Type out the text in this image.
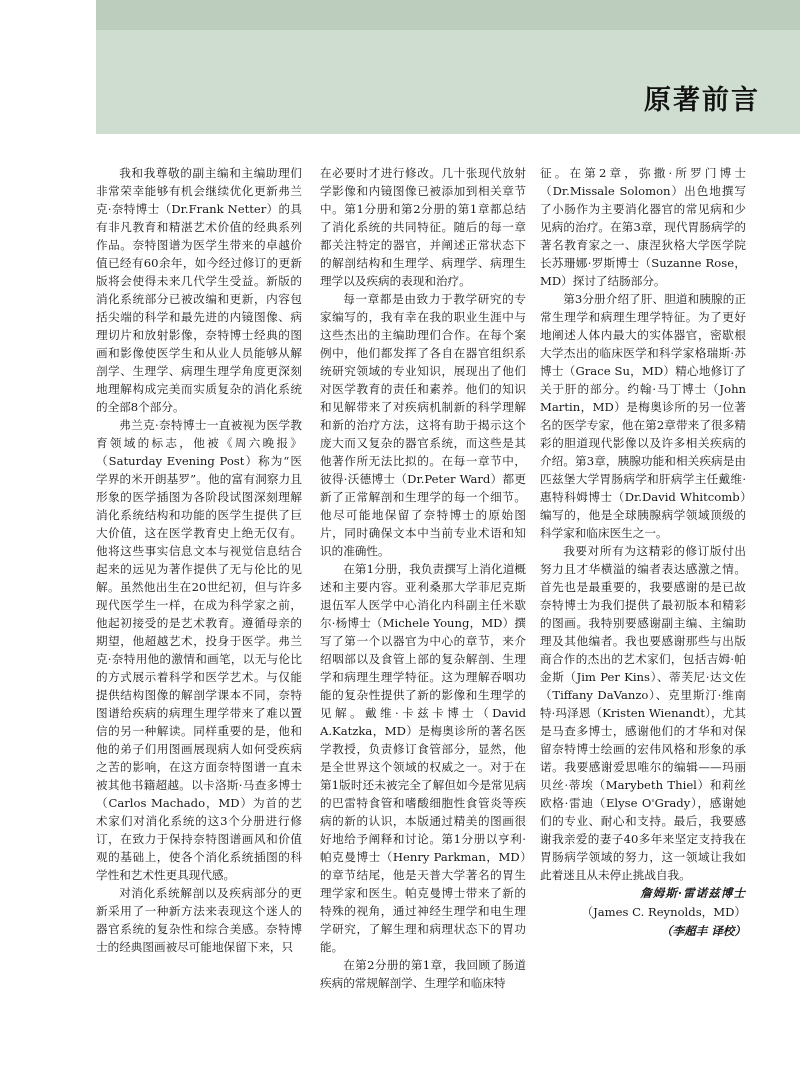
原著前言

我和我尊敬的副主编和主编助理们非常荣幸能够有机会继续优化更新弗兰克·奈特博士（Dr.Frank Netter）的具有非凡教育和精湛艺术价值的经典系列作品。奈特图谱为医学生带来的卓越价值已经有60余年，如今经过修订的更新版将会使得未来几代学生受益。新版的消化系统部分已被改编和更新，内容包括尖端的科学和最先进的内镜图像、病理切片和放射影像，奈特博士经典的图画和影像使医学生和从业人员能够从解剖学、生理学、病理生理学角度更深刻地理解构成完美而实质复杂的消化系统的全部8个部分。

弗兰克·奈特博士一直被视为医学教育领域的标志，他被《周六晚报》（Saturday Evening Post）称为“医学界的米开朗基罗”。他的富有洞察力且形象的医学插图为各阶段试图深刻理解消化系统结构和功能的医学生提供了巨大价值，这在医学教育史上绝无仅有。他将这些事实信息文本与视觉信息结合起来的远见为著作提供了无与伦比的见解。虽然他出生在20世纪初，但与许多现代医学生一样，在成为科学家之前，他起初接受的是艺术教育。遵循母亲的期望，他超越艺术，投身于医学。弗兰克·奈特用他的激情和画笔，以无与伦比的方式展示着科学和医学艺术。与仅能提供结构图像的解剖学课本不同，奈特图谱给疾病的病理生理学带来了难以置信的另一种解读。同样重要的是，他和他的弟子们用图画展现病人如何受疾病之苦的影响，在这方面奈特图谱一直未被其他书籍超越。以卡洛斯·马查多博士（Carlos Machado，MD）为首的艺术家们对消化系统的这3个分册进行修订，在致力于保持奈特图谱画风和价值观的基础上，使各个消化系统插图的科学性和艺术性更具现代感。

对消化系统解剖以及疾病部分的更新采用了一种新方法来表现这个迷人的器官系统的复杂性和综合美感。奈特博士的经典图画被尽可能地保留下来，只

在必要时才进行修改。几十张现代放射学影像和内镜图像已被添加到相关章节中。第1分册和第2分册的第1章都总结了消化系统的共同特征。随后的每一章都关注特定的器官，并阐述正常状态下的解剖结构和生理学、病理学、病理生理学以及疾病的表现和治疗。

每一章都是由致力于教学研究的专家编写的，我有幸在我的职业生涯中与这些杰出的主编助理们合作。在每个案例中，他们都发挥了各自在器官组织系统研究领域的专业知识，展现出了他们对医学教育的责任和素养。他们的知识和见解带来了对疾病机制新的科学理解和新的治疗方法，这将有助于揭示这个庞大而又复杂的器官系统，而这些是其他著作所无法比拟的。在每一章节中，彼得·沃德博士（Dr.Peter Ward）都更新了正常解剖和生理学的每一个细节。他尽可能地保留了奈特博士的原始图片，同时确保文本中当前专业术语和知识的准确性。

在第1分册，我负责撰写上消化道概述和主要内容。亚利桑那大学菲尼克斯退伍军人医学中心消化内科副主任米歇尔·杨博士（Michele Young，MD）撰写了第一个以器官为中心的章节，来介绍咽部以及食管上部的复杂解剖、生理学和病理生理学特征。这为理解吞咽功能的复杂性提供了新的影像和生理学的见解。戴维·卡兹卡博士（David A.Katzka，MD）是梅奥诊所的著名医学教授，负责修订食管部分，显然，他是全世界这个领域的权威之一。对于在第1版时还未被完全了解但如今是常见病的巴雷特食管和嗜酸细胞性食管炎等疾病的新的认识，本版通过精美的图画很好地给予阐释和讨论。第1分册以亨利·帕克曼博士（Henry Parkman，MD）的章节结尾，他是天普大学著名的胃生理学家和医生。帕克曼博士带来了新的特殊的视角，通过神经生理学和电生理学研究，了解生理和病理状态下的胃功能。

在第2分册的第1章，我回顾了肠道疾病的常规解剖学、生理学和临床特

征。在第2章，弥撒·所罗门博士（Dr.Missale Solomon）出色地撰写了小肠作为主要消化器官的常见病和少见病的治疗。在第3章，现代胃肠病学的著名教育家之一、康涅狄格大学医学院长苏珊娜·罗斯博士（Suzanne Rose，MD）探讨了结肠部分。

第3分册介绍了肝、胆道和胰腺的正常生理学和病理生理学特征。为了更好地阐述人体内最大的实体器官，密歇根大学杰出的临床医学和科学家格瑞斯·苏博士（Grace Su，MD）精心地修订了关于肝的部分。约翰·马丁博士（John Martin，MD）是梅奥诊所的另一位著名的医学专家，他在第2章带来了很多精彩的胆道现代影像以及许多相关疾病的介绍。第3章，胰腺功能和相关疾病是由匹兹堡大学胃肠病学和肝病学主任戴维·惠特科姆博士（Dr.David Whitcomb）编写的，他是全球胰腺病学领域顶级的科学家和临床医生之一。

我要对所有为这精彩的修订版付出努力且才华横溢的编者表达感激之情。首先也是最重要的，我要感谢的是已故奈特博士为我们提供了最初版本和精彩的图画。我特别要感谢副主编、主编助理及其他编者。我也要感谢那些与出版商合作的杰出的艺术家们，包括吉姆·帕金斯（Jim Per Kins）、蒂芙尼·达文佐（Tiffany DaVanzo）、克里斯汀·维南特·玛泽恩（Kristen Wienandt），尤其是马查多博士，感谢他们的才华和对保留奈特博士绘画的宏伟风格和形象的承诺。我要感谢爱思唯尔的编辑——玛丽贝丝·蒂埃（Marybeth Thiel）和莉丝欧格·雷迪（Elyse O'Grady），感谢她们的专业、耐心和支持。最后，我要感谢我亲爱的妻子40多年来坚定支持我在胃肠病学领域的努力，这一领域让我如此着迷且从未停止挑战自我。

詹姆斯·雷诺兹博士

（James C. Reynolds，MD）

（李超丰 译校）
